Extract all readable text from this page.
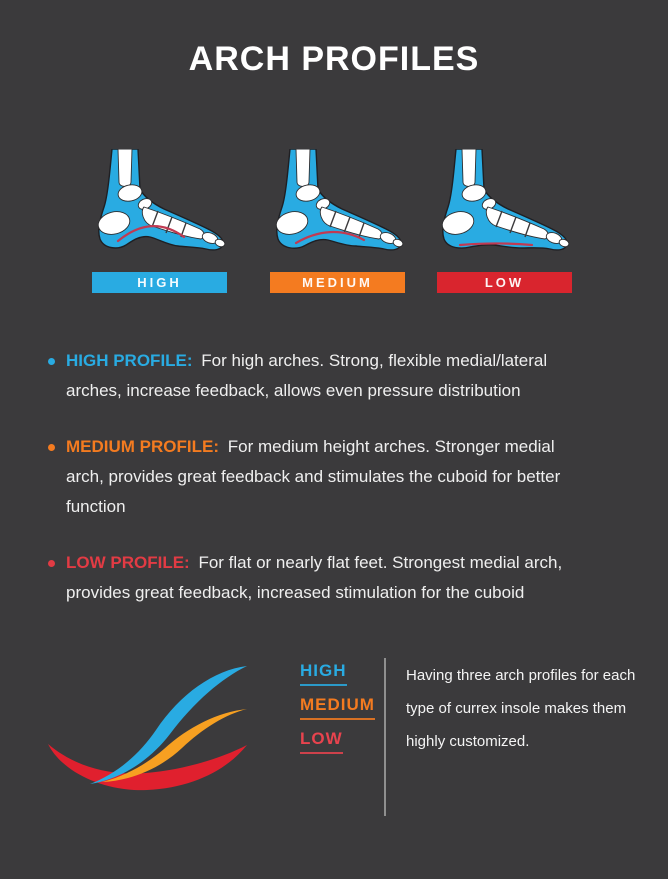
ARCH PROFILES
HIGH	MEDIUM	LOW
HIGH PROFILE: For high arches. Strong, flexible medial/lateral arches, increase feedback, allows even pressure distribution
MEDIUM PROFILE: For medium height arches. Stronger medial arch, provides great feedback and stimulates the cuboid for better function
LOW PROFILE: For flat or nearly flat feet. Strongest medial arch, provides great feedback, increased stimulation for the cuboid
HIGH
MEDIUM
LOW
Having three arch profiles for each type of currex insole makes them highly customized.
